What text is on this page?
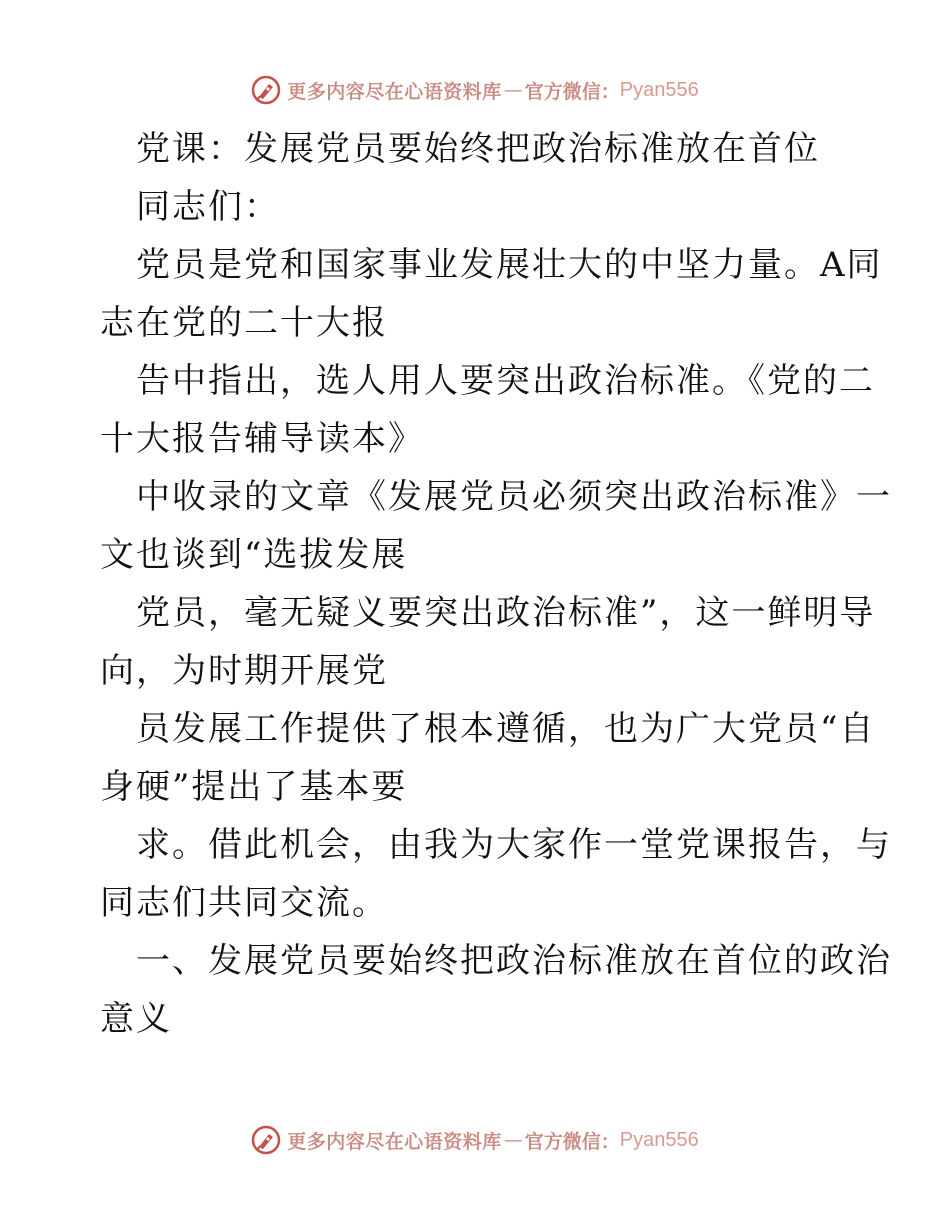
更多内容尽在心语资料库 — 官方微信： Pyan556
党课：发展党员要始终把政治标准放在首位
同志们：
党员是党和国家事业发展壮大的中坚力量。A同
志在党的二十大报
告中指出，选人用人要突出政治标准。《党的二
十大报告辅导读本》
中收录的文章《发展党员必须突出政治标准》一
文也谈到“选拔发展
党员，毫无疑义要突出政治标准”，这一鲜明导
向，为时期开展党
员发展工作提供了根本遵循，也为广大党员“自
身硬”提出了基本要
求。借此机会，由我为大家作一堂党课报告，与
同志们共同交流。
一、发展党员要始终把政治标准放在首位的政治
意义
更多内容尽在心语资料库 — 官方微信： Pyan556
